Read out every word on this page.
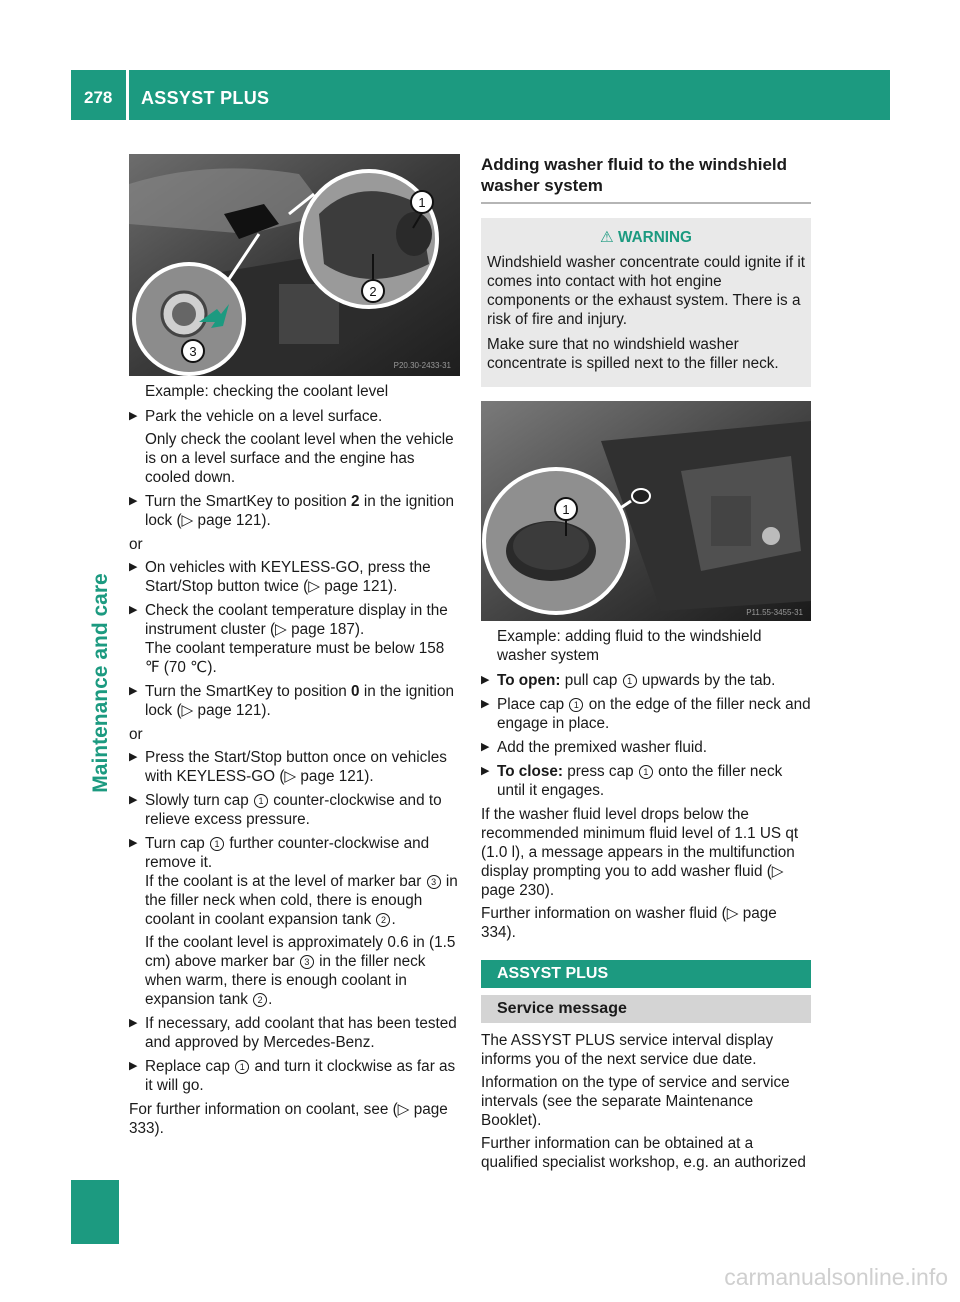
278 ASSYST PLUS
Maintenance and care
1
2
3
P20.30-2433-31

Example: checking the coolant level

▶ Park the vehicle on a level surface.

Only check the coolant level when the vehicle is on a level surface and the engine has cooled down.

▶ Turn the SmartKey to position 2 in the ignition lock (▷ page 121).

or

▶ On vehicles with KEYLESS-GO, press the Start/Stop button twice (▷ page 121).
▶ Check the coolant temperature display in the instrument cluster (▷ page 187).

The coolant temperature must be below 158 ℉ (70 ℃).

▶ Turn the SmartKey to position 0 in the ignition lock (▷ page 121).

or

▶ Press the Start/Stop button once on vehicles with KEYLESS-GO (▷ page 121).
▶ Slowly turn cap 1 counter-clockwise and to relieve excess pressure.
▶ Turn cap 1 further counter-clockwise and remove it.

If the coolant is at the level of marker bar 3 in the filler neck when cold, there is enough coolant in coolant expansion tank 2 .

If the coolant level is approximately 0.6 in (1.5 cm) above marker bar 3 in the filler neck when warm, there is enough coolant in expansion tank 2 .

▶ If necessary, add coolant that has been tested and approved by Mercedes-Benz.
▶ Replace cap 1 and turn it clockwise as far as it will go.

For further information on coolant, see (▷ page 333).

Adding washer fluid to the windshield washer system
⚠ WARNING

Windshield washer concentrate could ignite if it comes into contact with hot engine components or the exhaust system. There is a risk of fire and injury.

Make sure that no windshield washer concentrate is spilled next to the filler neck.

1
P11.55-3455-31

Example: adding fluid to the windshield washer system

▶ To open: pull cap 1 upwards by the tab.
▶ Place cap 1 on the edge of the filler neck and engage in place.
▶ Add the premixed washer fluid.
▶ To close: press cap 1 onto the filler neck until it engages.

If the washer fluid level drops below the recommended minimum fluid level of 1.1 US qt (1.0 l), a message appears in the multifunction display prompting you to add washer fluid (▷ page 230).

Further information on washer fluid (▷ page 334).

ASSYST PLUS
Service message

The ASSYST PLUS service interval display informs you of the next service due date.

Information on the type of service and service intervals (see the separate Maintenance Booklet).

Further information can be obtained at a qualified specialist workshop, e.g. an authorized

carmanualsonline.info
